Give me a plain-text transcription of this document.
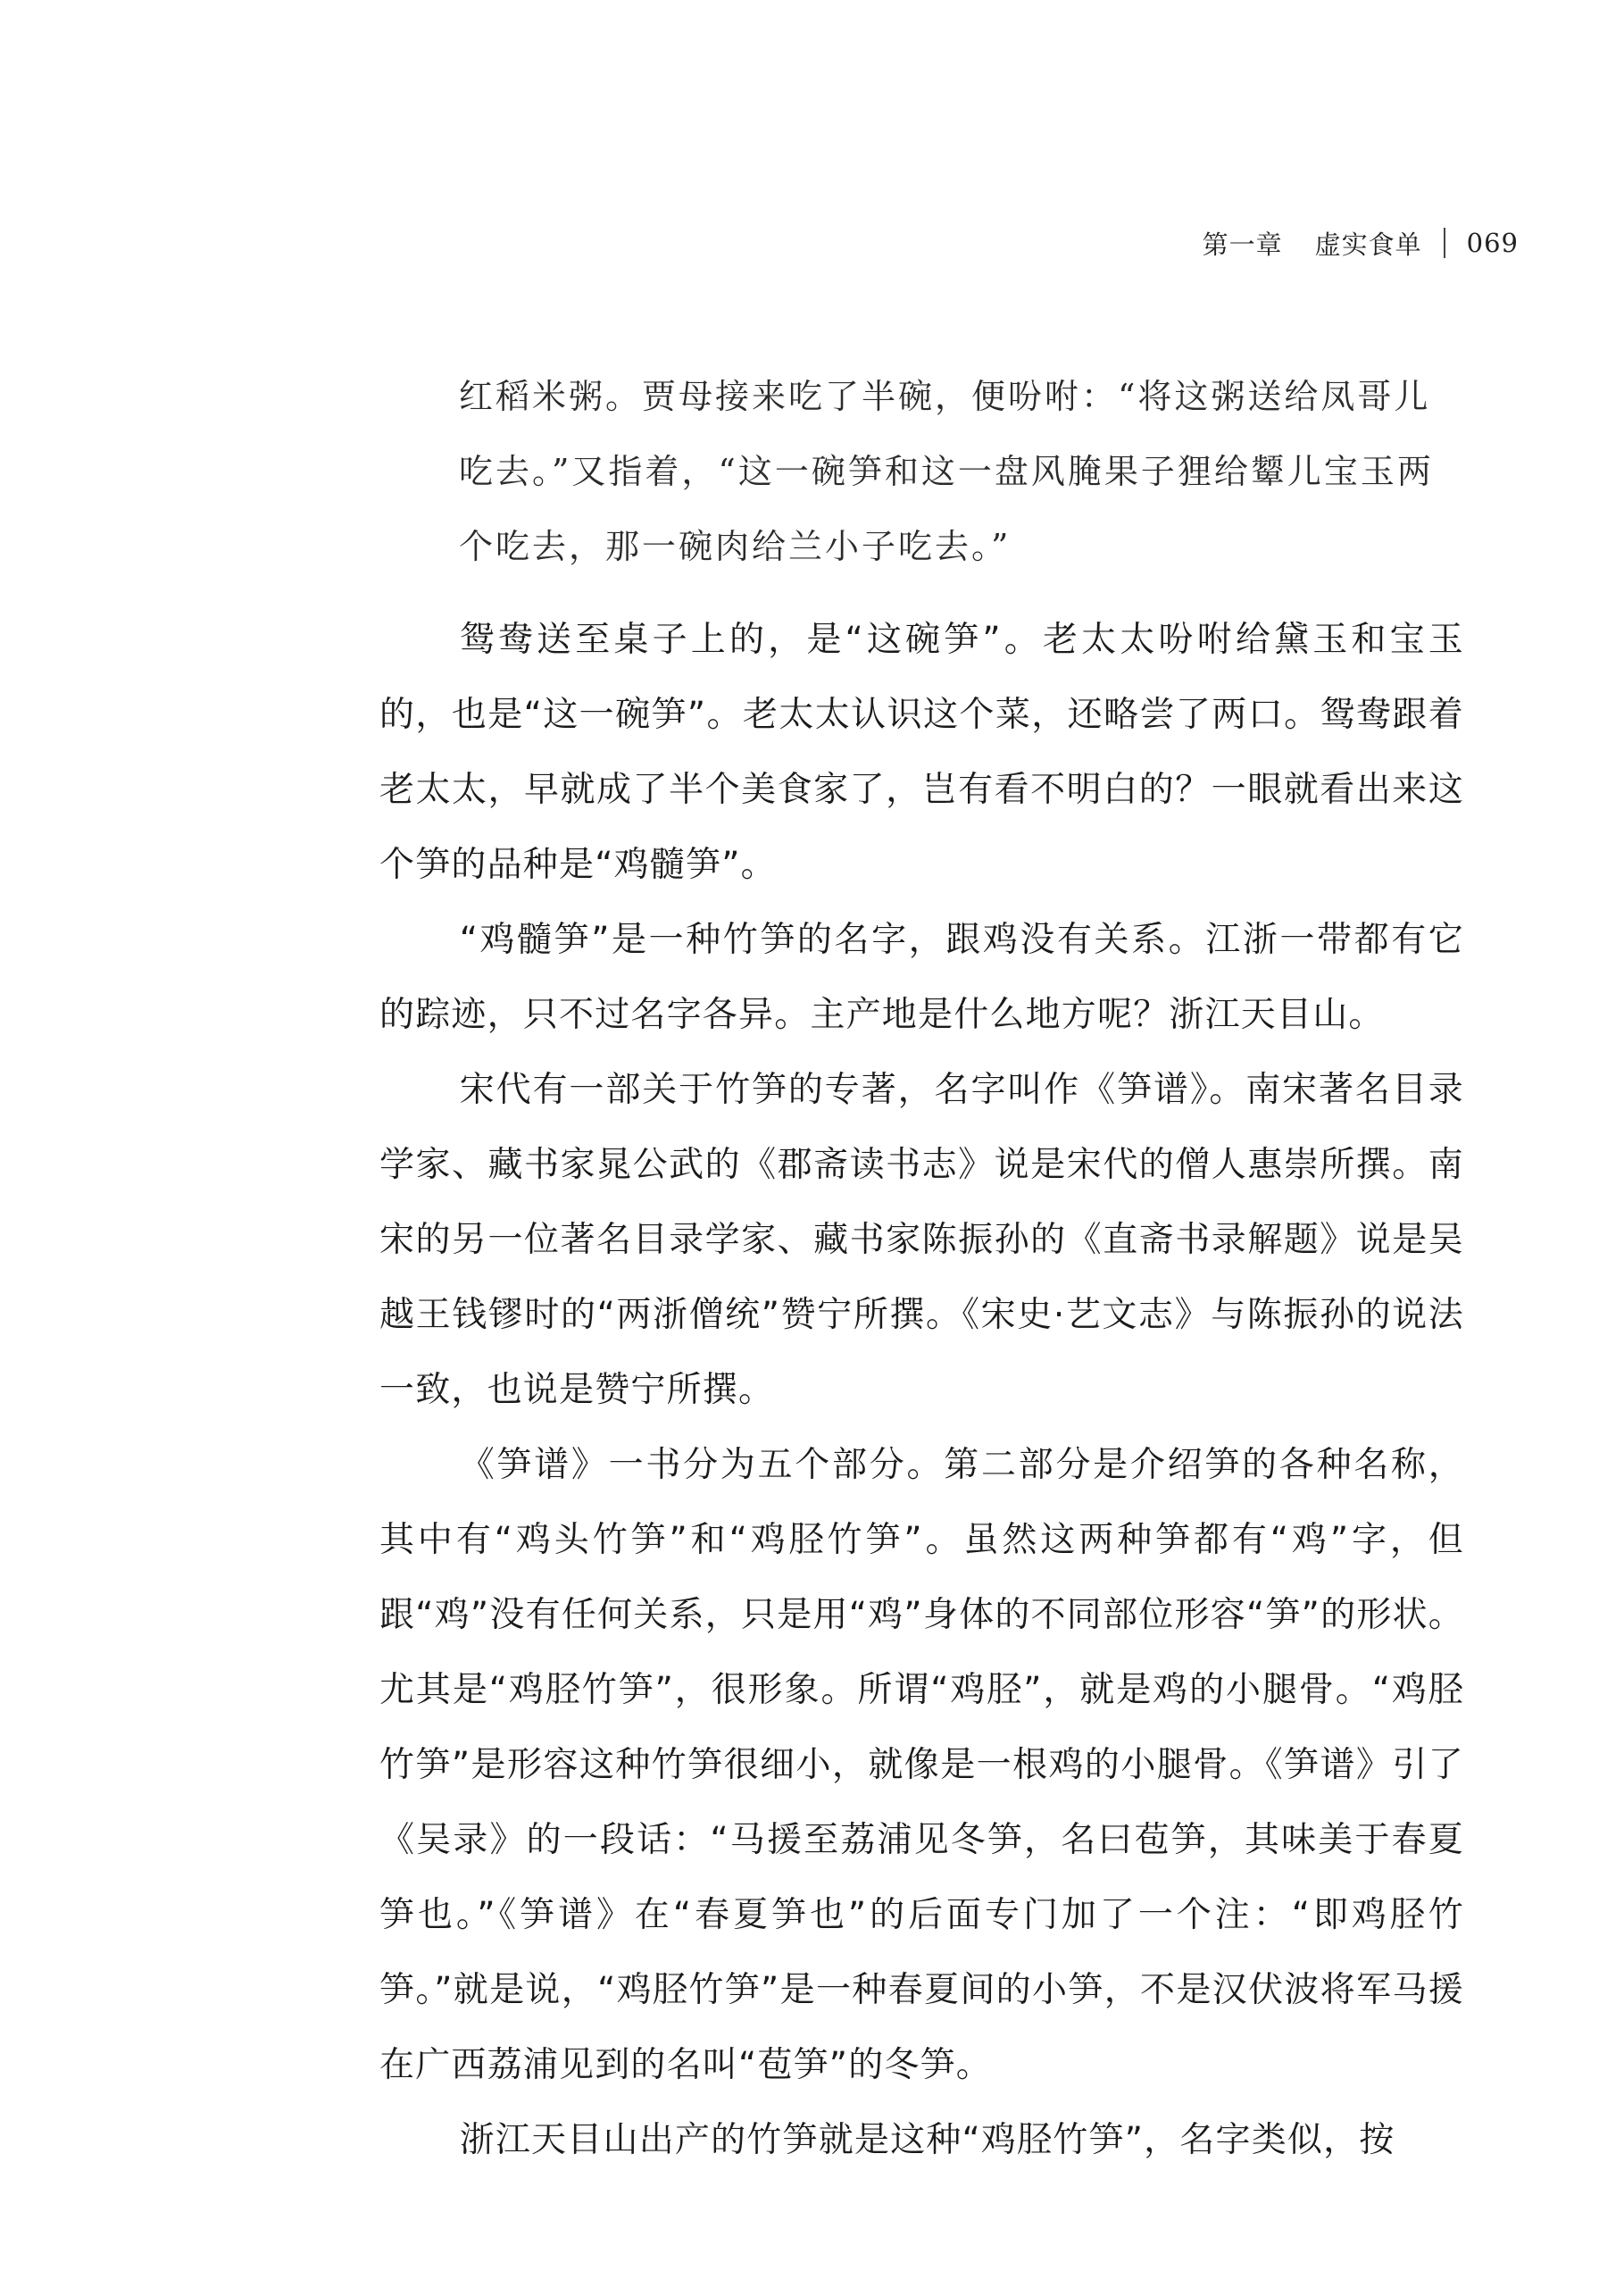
第一章 虚实食单 069

红稻米粥。贾母接来吃了半碗，便吩咐：“将这粥送给凤哥儿

吃去。”又指着，“这一碗笋和这一盘风腌果子狸给颦儿宝玉两

个吃去，那一碗肉给兰小子吃去。”

鸳鸯送至桌子上的，是“这碗笋”。老太太吩咐给黛玉和宝玉的，也是“这一碗笋”。老太太认识这个菜，还略尝了两口。鸳鸯跟着老太太，早就成了半个美食家了，岂有看不明白的？一眼就看出来这个笋的品种是“鸡髓笋”。

“鸡髓笋”是一种竹笋的名字，跟鸡没有关系。江浙一带都有它的踪迹，只不过名字各异。主产地是什么地方呢？浙江天目山。

宋代有一部关于竹笋的专著，名字叫作《笋谱》。南宋著名目录学家、藏书家晁公武的《郡斋读书志》说是宋代的僧人惠崇所撰。南宋的另一位著名目录学家、藏书家陈振孙的《直斋书录解题》说是吴越王钱镠时的“两浙僧统”赞宁所撰。《宋史·艺文志》与陈振孙的说法一致，也说是赞宁所撰。

《笋谱》一书分为五个部分。第二部分是介绍笋的各种名称，其中有“鸡头竹笋”和“鸡胫竹笋”。虽然这两种笋都有“鸡”字，但跟“鸡”没有任何关系，只是用“鸡”身体的不同部位形容“笋”的形状。尤其是“鸡胫竹笋”，很形象。所谓“鸡胫”，就是鸡的小腿骨。“鸡胫竹笋”是形容这种竹笋很细小，就像是一根鸡的小腿骨。《笋谱》引了《吴录》的一段话：“马援至荔浦见冬笋，名曰苞笋，其味美于春夏笋也。”《笋谱》在“春夏笋也”的后面专门加了一个注：“即鸡胫竹笋。”就是说，“鸡胫竹笋”是一种春夏间的小笋，不是汉伏波将军马援在广西荔浦见到的名叫“苞笋”的冬笋。

浙江天目山出产的竹笋就是这种“鸡胫竹笋”，名字类似，按
